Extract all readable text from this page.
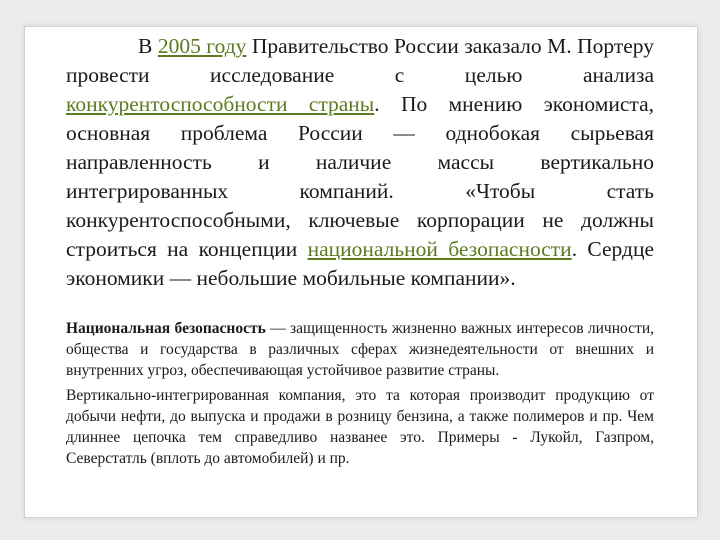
В 2005 году Правительство России заказало М. Портеру провести исследование с целью анализа конкурентоспособности страны. По мнению экономиста, основная проблема России — однобокая сырьевая направленность и наличие массы вертикально интегрированных компаний. «Чтобы стать конкурентоспособными, ключевые корпорации не должны строиться на концепции национальной безопасности. Сердце экономики — небольшие мобильные компании».

Национальная безопасность — защищенность жизненно важных интересов личности, общества и государства в различных сферах жизнедеятельности от внешних и внутренних угроз, обеспечивающая устойчивое развитие страны.

Вертикально-интегрированная компания, это та которая производит продукцию от добычи нефти, до выпуска и продажи в розницу бензина, а также полимеров и пр. Чем длиннее цепочка тем справедливо названее это. Примеры - Лукойл, Газпром, Северстатль (вплоть до автомобилей) и пр.
